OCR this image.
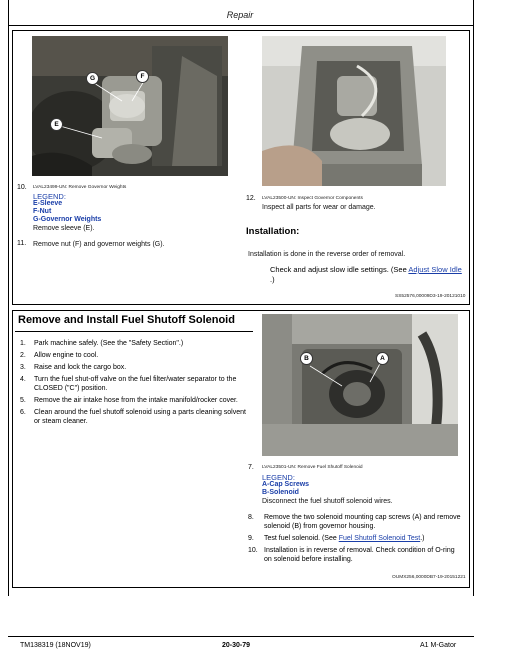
Repair
G	F
E
10. LVAL23499-UN: Remove Governor Weights
LEGEND:
E-Sleeve
F-Nut
G-Governor Weights
Remove sleeve (E).
11. Remove nut (F) and governor weights (G).
12. LVAL23500-UN: Inspect Governor Components
Inspect all parts for wear or damage.
Installation:
Installation is done in the reverse order of removal.
Check and adjust slow idle settings. (See Adjust Slow Idle .)
SS52576,00009D3-19-20121010
Remove and Install Fuel Shutoff Solenoid
1. Park machine safely. (See the "Safety Section".)
2. Allow engine to cool.
3. Raise and lock the cargo box.
4. Turn the fuel shut-off valve on the fuel filter/water separator to the CLOSED ("C") position.
5. Remove the air intake hose from the intake manifold/rocker cover.
6. Clean around the fuel shutoff solenoid using a parts cleaning solvent or steam cleaner.
B	A
7. LVAL23501-UN: Remove Fuel Shutoff Solenoid
LEGEND:
A-Cap Screws
B-Solenoid
Disconnect the fuel shutoff solenoid wires.
8. Remove the two solenoid mounting cap screws (A) and remove solenoid (B) from governor housing.
9. Test fuel solenoid. (See Fuel Shutoff Solenoid Test.)
10. Installation is in reverse of removal. Check condition of O-ring on solenoid before installing.
OUMX256,0000DB7-19-20151221
TM138319 (18NOV19)	20-30-79	A1 M-Gator
